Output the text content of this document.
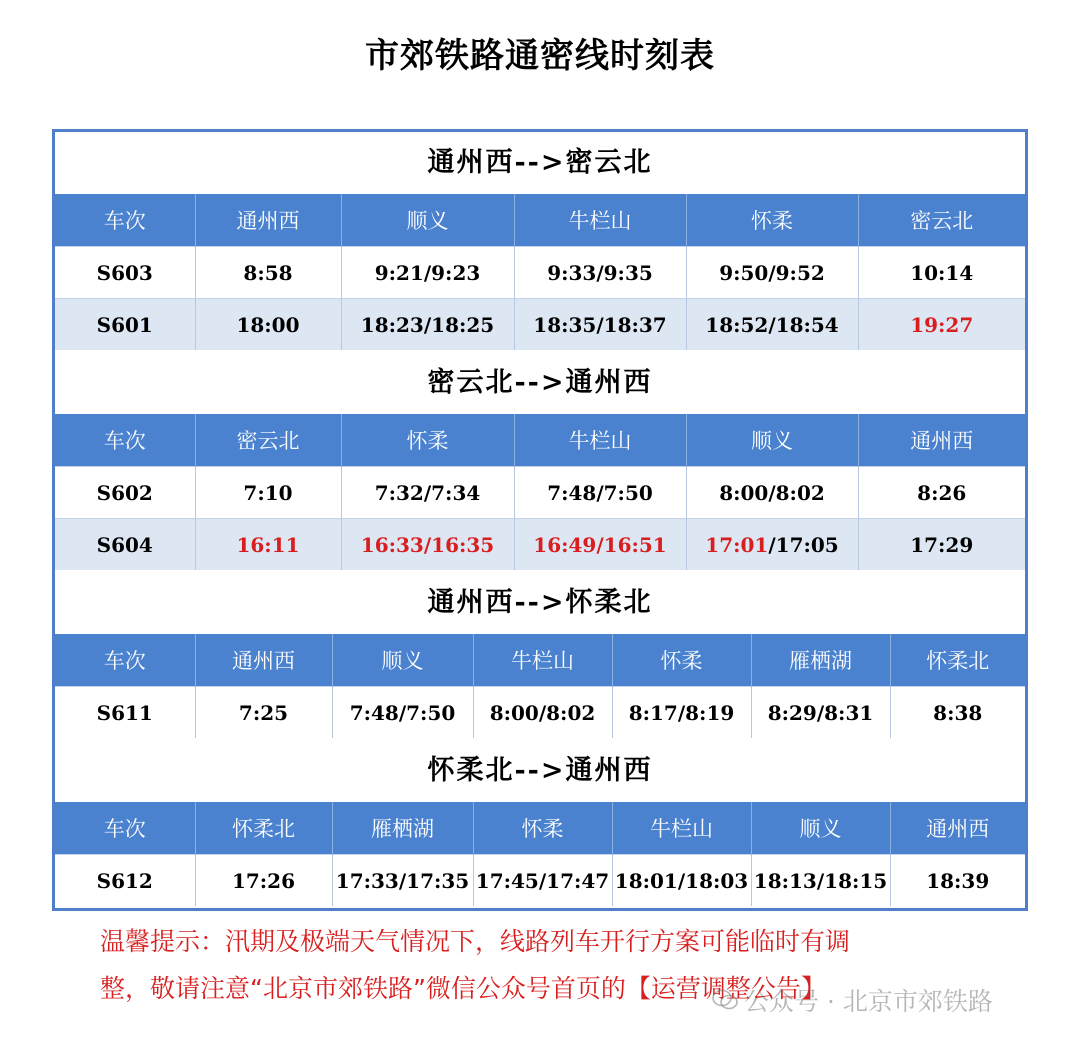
市郊铁路通密线时刻表
通州西-->密云北
车次	通州西	顺义	牛栏山	怀柔	密云北
S603	8:58	9:21/9:23	9:33/9:35	9:50/9:52	10:14
S601	18:00	18:23/18:25	18:35/18:37	18:52/18:54	19:27
密云北-->通州西
车次	密云北	怀柔	牛栏山	顺义	通州西
S602	7:10	7:32/7:34	7:48/7:50	8:00/8:02	8:26
S604	16:11	16:33/16:35	16:49/16:51	17:01/17:05	17:29
通州西-->怀柔北
车次	通州西	顺义	牛栏山	怀柔	雁栖湖	怀柔北
S611	7:25	7:48/7:50	8:00/8:02	8:17/8:19	8:29/8:31	8:38
怀柔北-->通州西
车次	怀柔北	雁栖湖	怀柔	牛栏山	顺义	通州西
S612	17:26	17:33/17:35	17:45/17:47	18:01/18:03	18:13/18:15	18:39
温馨提示：汛期及极端天气情况下，线路列车开行方案可能临时有调
整，敬请注意“北京市郊铁路”微信公众号首页的【运营调整公告】
公众号 · 北京市郊铁路
